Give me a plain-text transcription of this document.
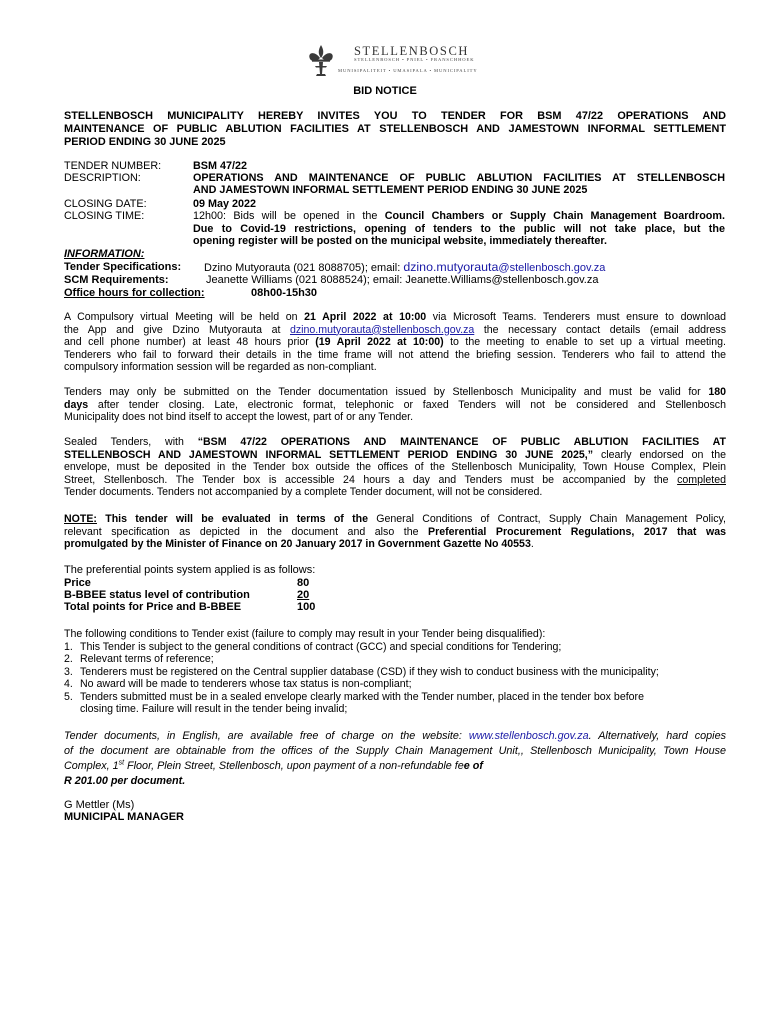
STELLENBOSCH
STELLENBOSCH • PNIEL • FRANSCHHOEK
MUNISIPALITEIT • UMASIPALA • MUNICIPALITY
BID NOTICE
STELLENBOSCH MUNICIPALITY HEREBY INVITES YOU TO TENDER FOR BSM 47/22 OPERATIONS AND
MAINTENANCE OF PUBLIC ABLUTION FACILITIES AT STELLENBOSCH AND JAMESTOWN INFORMAL SETTLEMENT
PERIOD ENDING 30 JUNE 2025
TENDER NUMBER:	BSM 47/22
DESCRIPTION:	OPERATIONS AND MAINTENANCE OF PUBLIC ABLUTION FACILITIES AT STELLENBOSCH
AND JAMESTOWN INFORMAL SETTLEMENT PERIOD ENDING 30 JUNE 2025
CLOSING DATE:	09 May 2022
CLOSING TIME:	12h00: Bids will be opened in the Council Chambers or Supply Chain Management Boardroom.
Due to Covid-19 restrictions, opening of tenders to the public will not take place, but the
opening register will be posted on the municipal website, immediately thereafter.
INFORMATION:
Tender Specifications: Dzino Mutyorauta (021 8088705); email: dzino.mutyorauta@stellenbosch.gov.za
SCM Requirements:	Jeanette Williams (021 8088524); email: Jeanette.Williams@stellenbosch.gov.za
Office hours for collection:	08h00-15h30
A Compulsory virtual Meeting will be held on 21 April 2022 at 10:00 via Microsoft Teams. Tenderers must ensure to download
the App and give Dzino Mutyorauta at dzino.mutyorauta@stellenbosch.gov.za the necessary contact details (email address
and cell phone number) at least 48 hours prior (19 April 2022 at 10:00) to the meeting to enable to set up a virtual meeting.
Tenderers who fail to forward their details in the time frame will not attend the briefing session. Tenderers who fail to attend the
compulsory information session will be regarded as non-compliant.
Tenders may only be submitted on the Tender documentation issued by Stellenbosch Municipality and must be valid for 180
days after tender closing. Late, electronic format, telephonic or faxed Tenders will not be considered and Stellenbosch
Municipality does not bind itself to accept the lowest, part of or any Tender.
Sealed Tenders, with “BSM 47/22 OPERATIONS AND MAINTENANCE OF PUBLIC ABLUTION FACILITIES AT
STELLENBOSCH AND JAMESTOWN INFORMAL SETTLEMENT PERIOD ENDING 30 JUNE 2025,” clearly endorsed on the
envelope, must be deposited in the Tender box outside the offices of the Stellenbosch Municipality, Town House Complex, Plein
Street, Stellenbosch. The Tender box is accessible 24 hours a day and Tenders must be accompanied by the completed
Tender documents. Tenders not accompanied by a complete Tender document, will not be considered.
NOTE: This tender will be evaluated in terms of the General Conditions of Contract, Supply Chain Management Policy,
relevant specification as depicted in the document and also the Preferential Procurement Regulations, 2017 that was
promulgated by the Minister of Finance on 20 January 2017 in Government Gazette No 40553.
The preferential points system applied is as follows:
Price	80
B-BBEE status level of contribution	20
Total points for Price and B-BBEE	100
The following conditions to Tender exist (failure to comply may result in your Tender being disqualified):
1. This Tender is subject to the general conditions of contract (GCC) and special conditions for Tendering;
2. Relevant terms of reference;
3. Tenderers must be registered on the Central supplier database (CSD) if they wish to conduct business with the municipality;
4. No award will be made to tenderers whose tax status is non-compliant;
5. Tenders submitted must be in a sealed envelope clearly marked with the Tender number, placed in the tender box before
closing time. Failure will result in the tender being invalid;
Tender documents, in English, are available free of charge on the website: www.stellenbosch.gov.za. Alternatively, hard copies
of the document are obtainable from the offices of the Supply Chain Management Unit,, Stellenbosch Municipality, Town House
Complex, 1st Floor, Plein Street, Stellenbosch, upon payment of a non-refundable fee of
R 201.00 per document.
G Mettler (Ms)
MUNICIPAL MANAGER
